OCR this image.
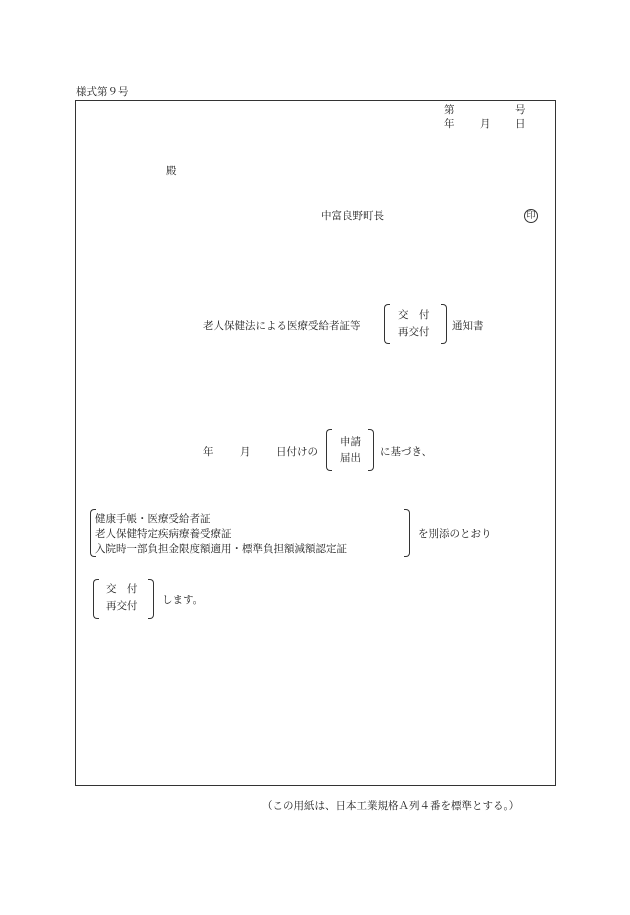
様式第９号
第	号
年 月 日
殿
中富良野町長	印
老人保健法による医療受給者証等
交　付
再交付 通知書
年	月 日付けの
申請
届出 に基づき、
健康手帳・医療受給者証
老人保健特定疾病療養受療証
入院時一部負担金限度額適用・標準負担額減額認定証
を別添のとおり
交　付
再交付 します。
（この用紙は、日本工業規格Ａ列４番を標準とする。）
